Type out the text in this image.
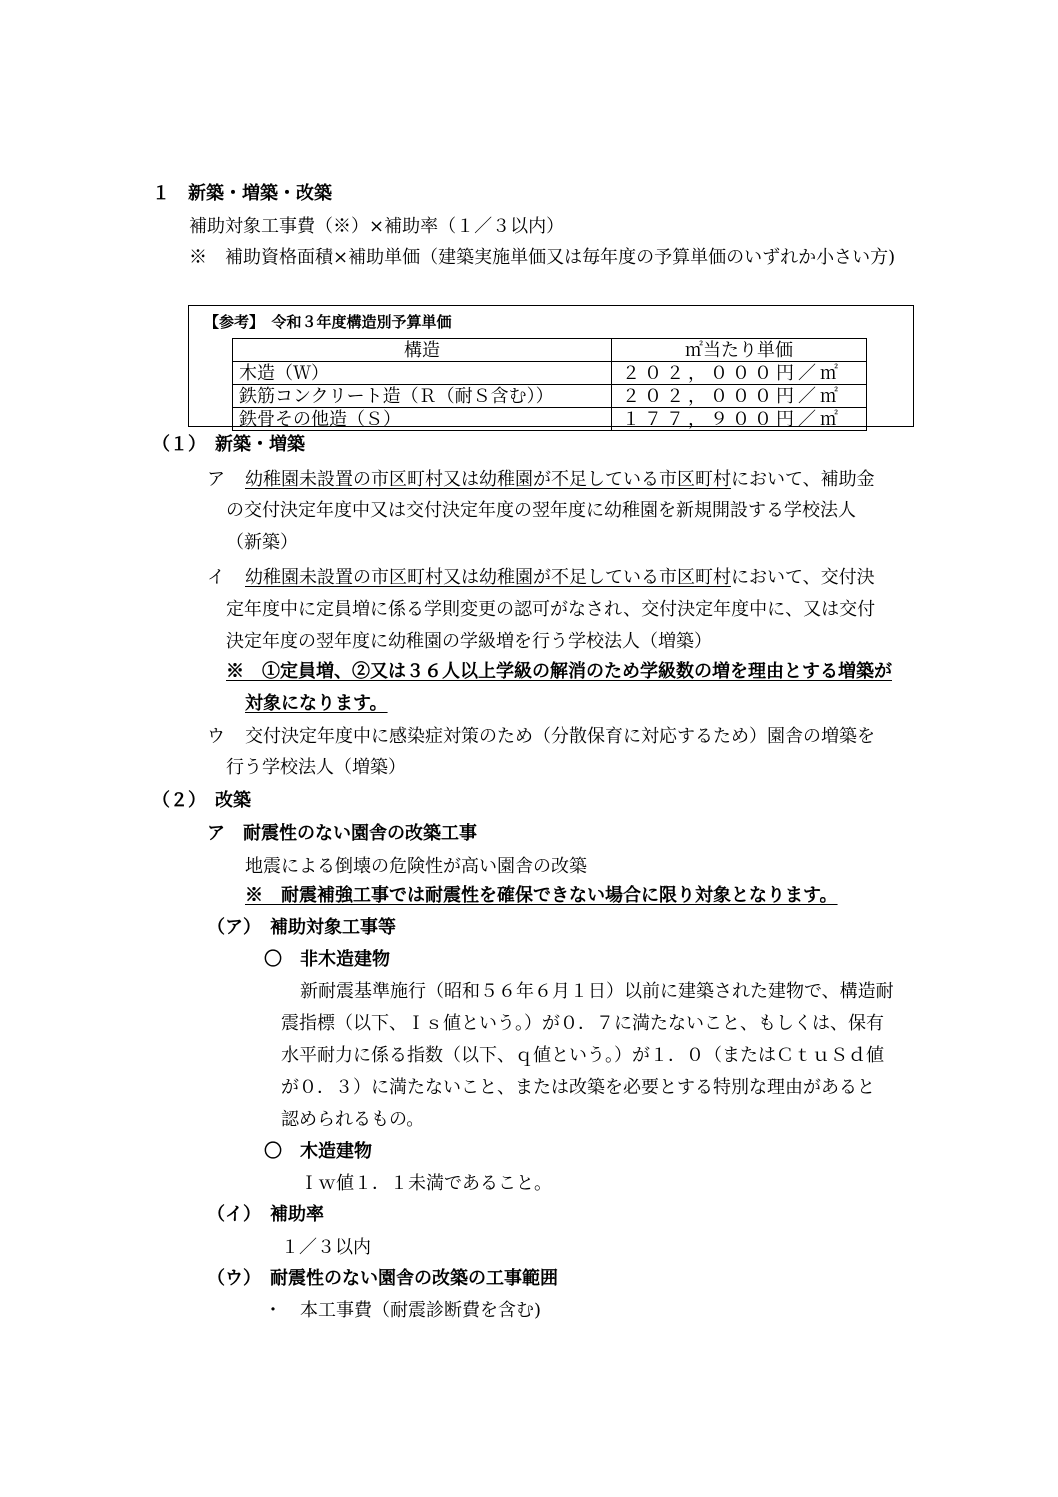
１　新築・増築・改築
補助対象工事費（※）×補助率（１／３以内）
※　補助資格面積×補助単価（建築実施単価又は毎年度の予算単価のいずれか小さい方)
【参考】　令和３年度構造別予算単価
構造	㎡当たり単価
木造（Ｗ）	２０２，０００円／㎡
鉄筋コンクリート造（Ｒ（耐Ｓ含む））	２０２，０００円／㎡
鉄骨その他造（Ｓ）	１７７，９００円／㎡
（１）　新築・増築
ア 幼稚園未設置の市区町村又は幼稚園が不足している市区町村において、補助金
の交付決定年度中又は交付決定年度の翌年度に幼稚園を新規開設する学校法人
（新築）
イ 幼稚園未設置の市区町村又は幼稚園が不足している市区町村において、交付決
定年度中に定員増に係る学則変更の認可がなされ、交付決定年度中に、又は交付
決定年度の翌年度に幼稚園の学級増を行う学校法人（増築）
※　①定員増、②又は３６人以上学級の解消のため学級数の増を理由とする増築が
対象になります。
ウ 交付決定年度中に感染症対策のため（分散保育に対応するため）園舎の増築を
行う学校法人（増築）
（２）　改築
ア　耐震性のない園舎の改築工事
地震による倒壊の危険性が高い園舎の改築
※　耐震補強工事では耐震性を確保できない場合に限り対象となります。
（ア）　補助対象工事等
〇　非木造建物
新耐震基準施行（昭和５６年６月１日）以前に建築された建物で、構造耐
震指標（以下、Ｉｓ値という。）が０．７に満たないこと、もしくは、保有
水平耐力に係る指数（以下、ｑ値という。）が１．０（またはＣｔｕＳｄ値
が０．３）に満たないこと、または改築を必要とする特別な理由があると
認められるもの。
〇　木造建物
Ｉｗ値１．１未満であること。
（イ）　補助率
１／３以内
（ウ）　耐震性のない園舎の改築の工事範囲
・　本工事費（耐震診断費を含む)
